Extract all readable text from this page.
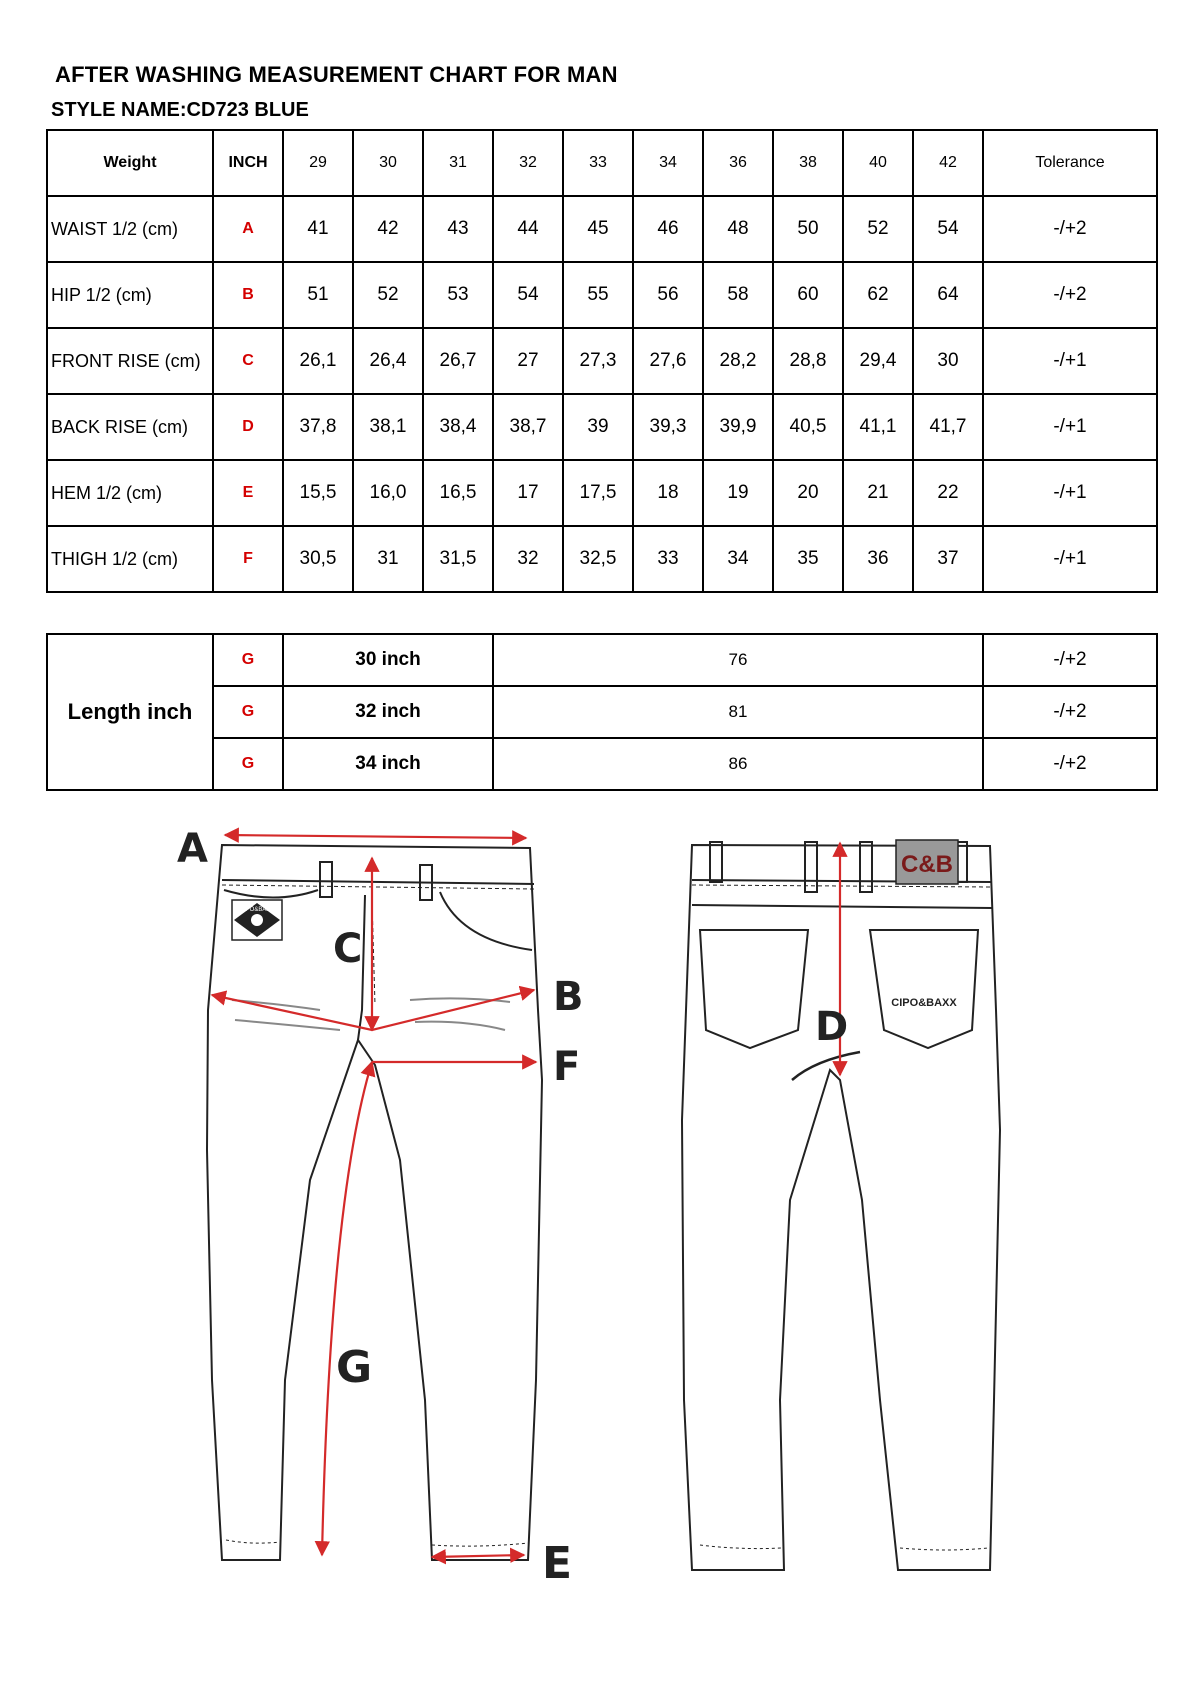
AFTER WASHING MEASUREMENT CHART FOR MAN
STYLE NAME:CD723 BLUE
Weight	INCH	29	30	31	32	33	34	36	38	40	42	Tolerance
WAIST 1/2 (cm)	A	41	42	43	44	45	46	48	50	52	54	-/+2
HIP 1/2 (cm)	B	51	52	53	54	55	56	58	60	62	64	-/+2
FRONT RISE (cm)	C	26,1	26,4	26,7	27	27,3	27,6	28,2	28,8	29,4	30	-/+1
BACK RISE (cm)	D	37,8	38,1	38,4	38,7	39	39,3	39,9	40,5	41,1	41,7	-/+1
HEM 1/2 (cm)	E	15,5	16,0	16,5	17	17,5	18	19	20	21	22	-/+1
THIGH 1/2 (cm)	F	30,5	31	31,5	32	32,5	33	34	35	36	37	-/+1
Length inch	G	30 inch	76	-/+2
	G	32 inch	81	-/+2
	G	34 inch	86	-/+2
CIPO&BAXX
C&B
CIPO&BAXX
A
C
B
F
G
E
D
